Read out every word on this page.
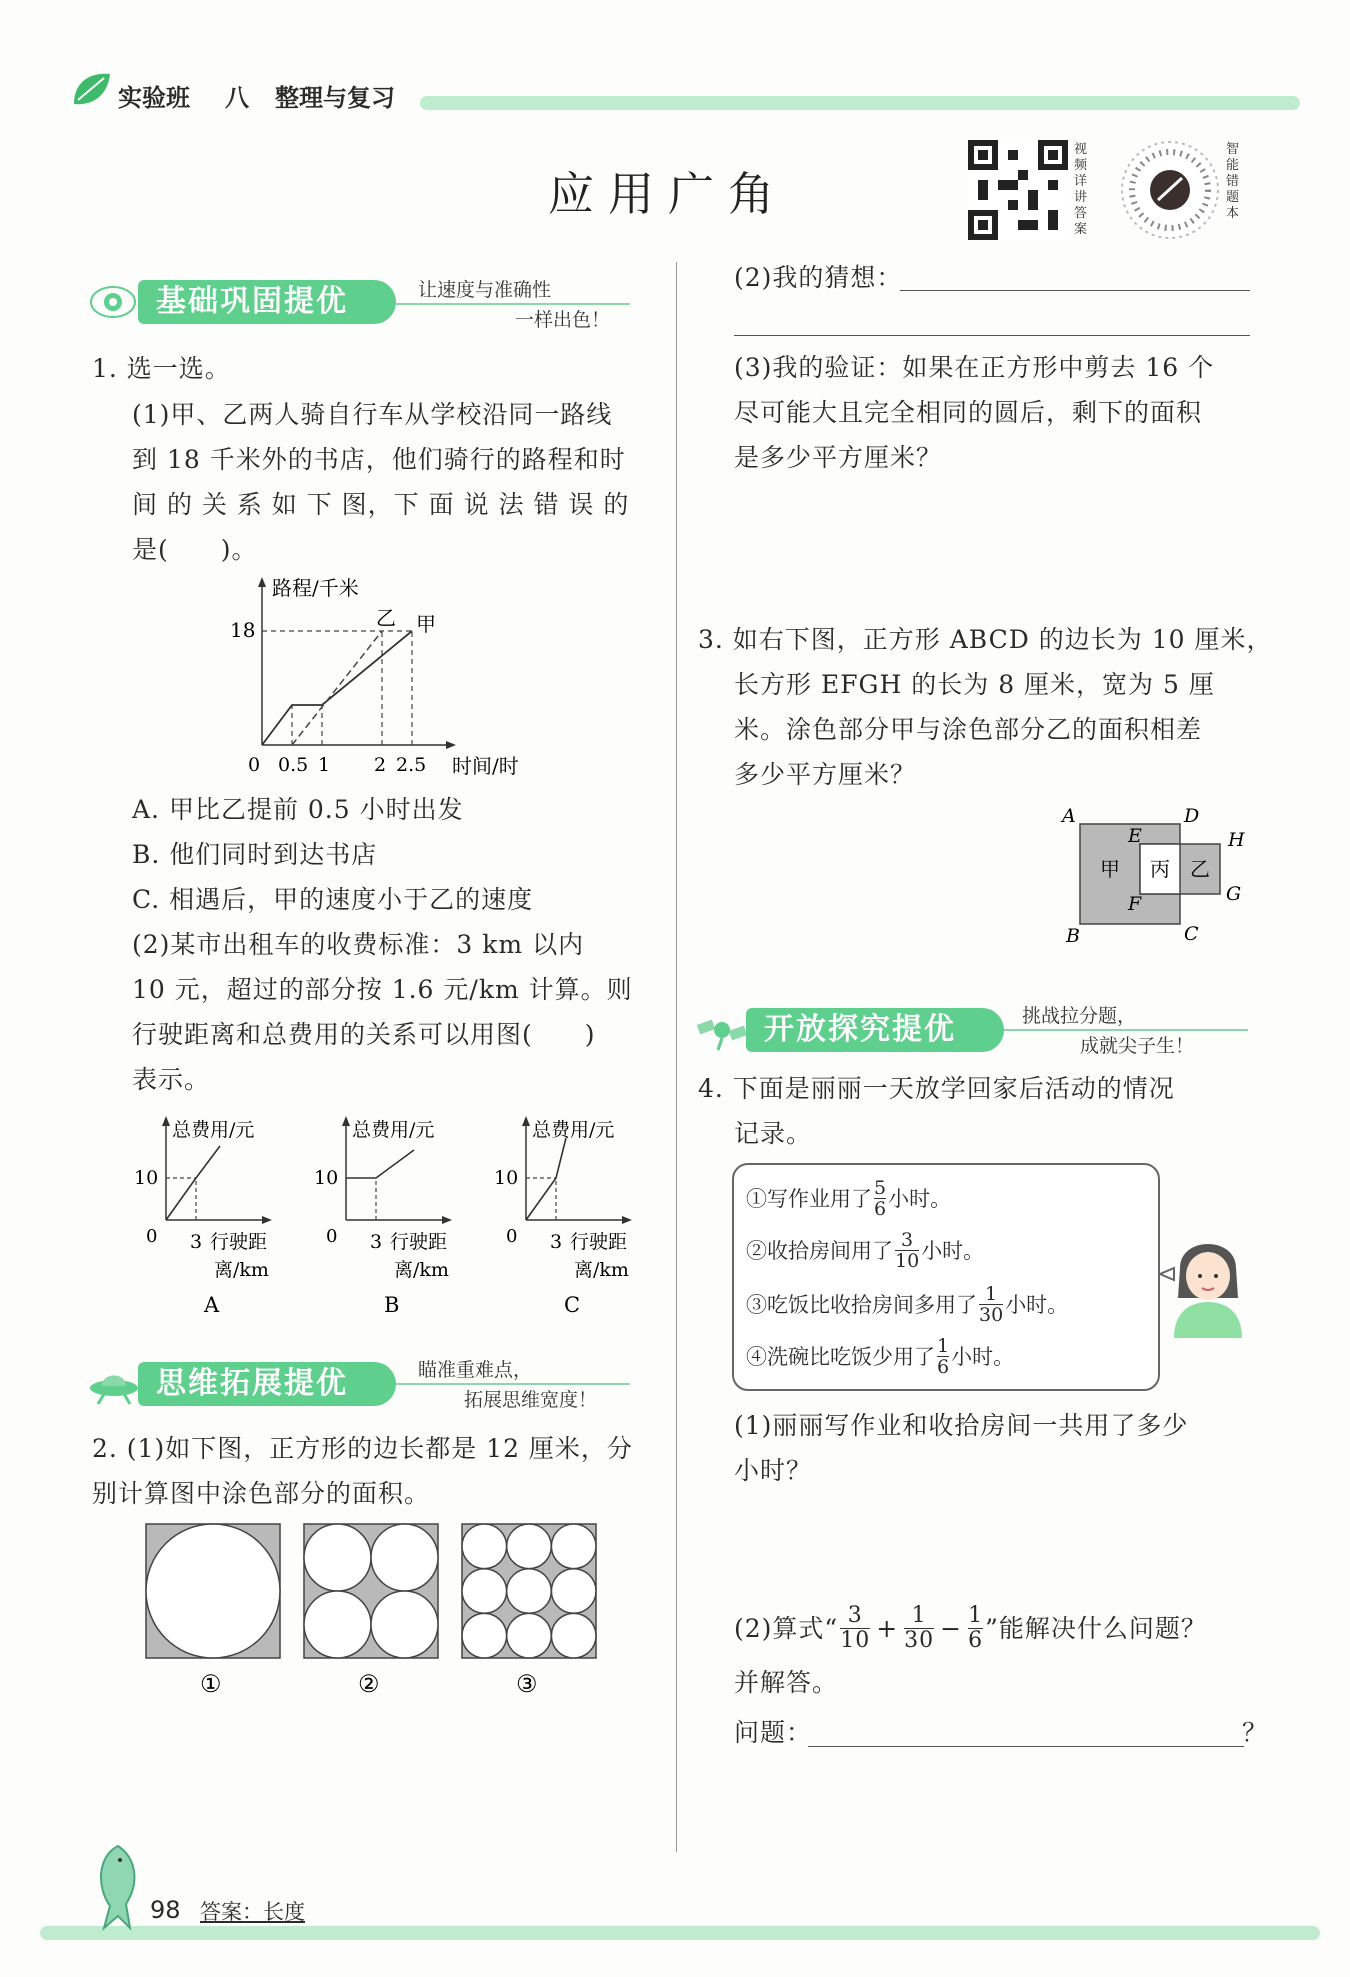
实验班 八 整理与复习
应用广角
视频详讲答案
智能错题本
基础巩固提优	让速度与准确性
一样出色！
1. 选一选。
(1)甲、乙两人骑自行车从学校沿同一路线
到 18 千米外的书店，他们骑行的路程和时
间 的 关 系 如 下 图，下 面 说 法 错 误 的
是(　　)。
路程/千米
18	乙 甲
0 0.5 1 2 2.5 时间/时
A. 甲比乙提前 0.5 小时出发
B. 他们同时到达书店
C. 相遇后，甲的速度小于乙的速度
(2)某市出租车的收费标准：3 km 以内
10 元，超过的部分按 1.6 元/km 计算。则
行驶距离和总费用的关系可以用图(　　)
表示。
总费用/元
10
0 3 行驶距
离/km
A
总费用/元
10
0 3 行驶距
离/km
B
总费用/元
10
0 3 行驶距
离/km
C
思维拓展提优	瞄准重难点，
拓展思维宽度！
2. (1)如下图，正方形的边长都是 12 厘米，分
别计算图中涂色部分的面积。
①	②	③
(2)我的猜想：
(3)我的验证：如果在正方形中剪去 16 个
尽可能大且完全相同的圆后，剩下的面积
是多少平方厘米？
3. 如右下图，正方形 ABCD 的边长为 10 厘米，
长方形 EFGH 的长为 8 厘米，宽为 5 厘
米。涂色部分甲与涂色部分乙的面积相差
多少平方厘米？
A	D
E	H
F	G
B	C
甲 丙 乙
开放探究提优	挑战拉分题，
成就尖子生！
4. 下面是丽丽一天放学回家后活动的情况
记录。
①写作业用了 $\frac{5}{6}$ 小时。
②收拾房间用了 $\frac{3}{10}$ 小时。
③吃饭比收拾房间多用了 $\frac{1}{30}$ 小时。
④洗碗比吃饭少用了 $\frac{1}{6}$ 小时。
(1)丽丽写作业和收拾房间一共用了多少
小时？
(2)算式“ $\frac{3}{10} + \frac{1}{30} - \frac{1}{6}$ ”能解决什么问题？
并解答。
问题：	？
98 答案：长度
